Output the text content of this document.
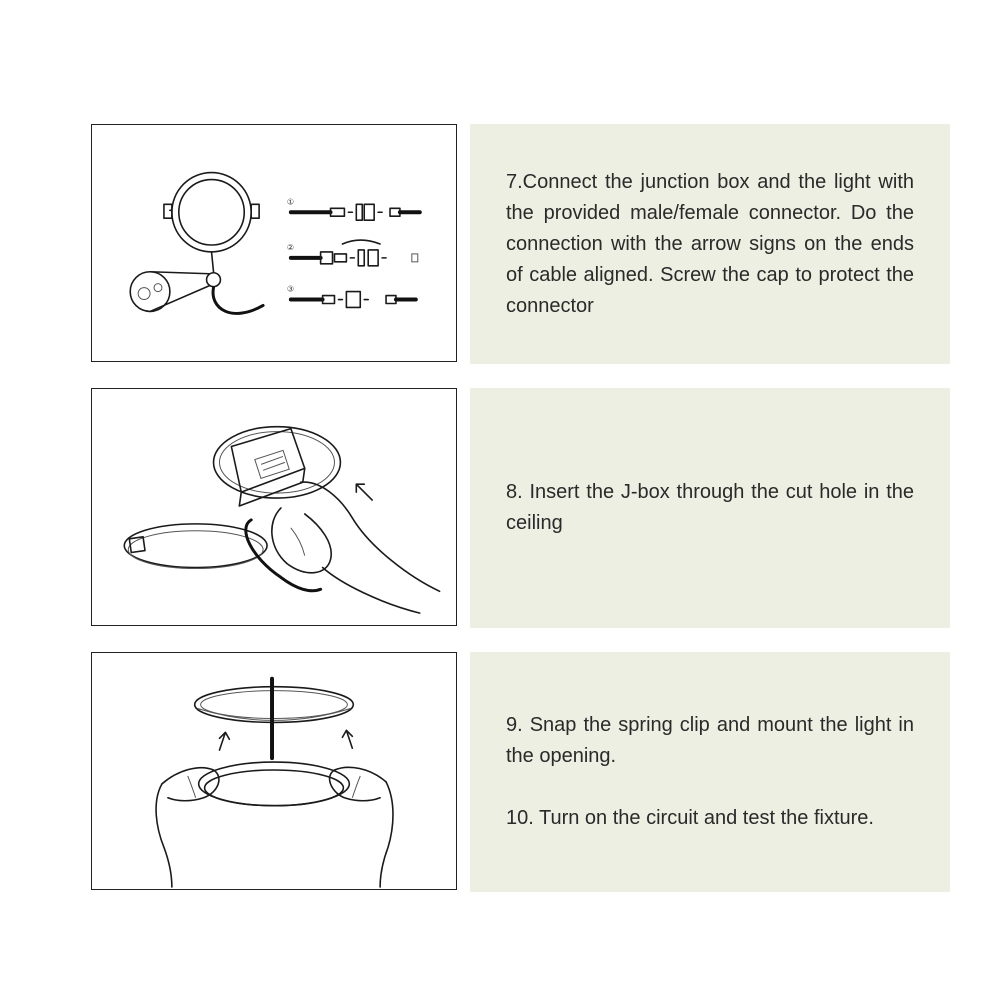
①
②
③

7.Connect the junction box and the light with the provided male/female connector. Do the connection with the arrow signs on the ends of cable aligned. Screw the cap to protect the connector

8. Insert the J-box through the cut hole in the ceiling

9. Snap the spring clip and mount the light in the opening.

10. Turn on the circuit and test the fixture.
